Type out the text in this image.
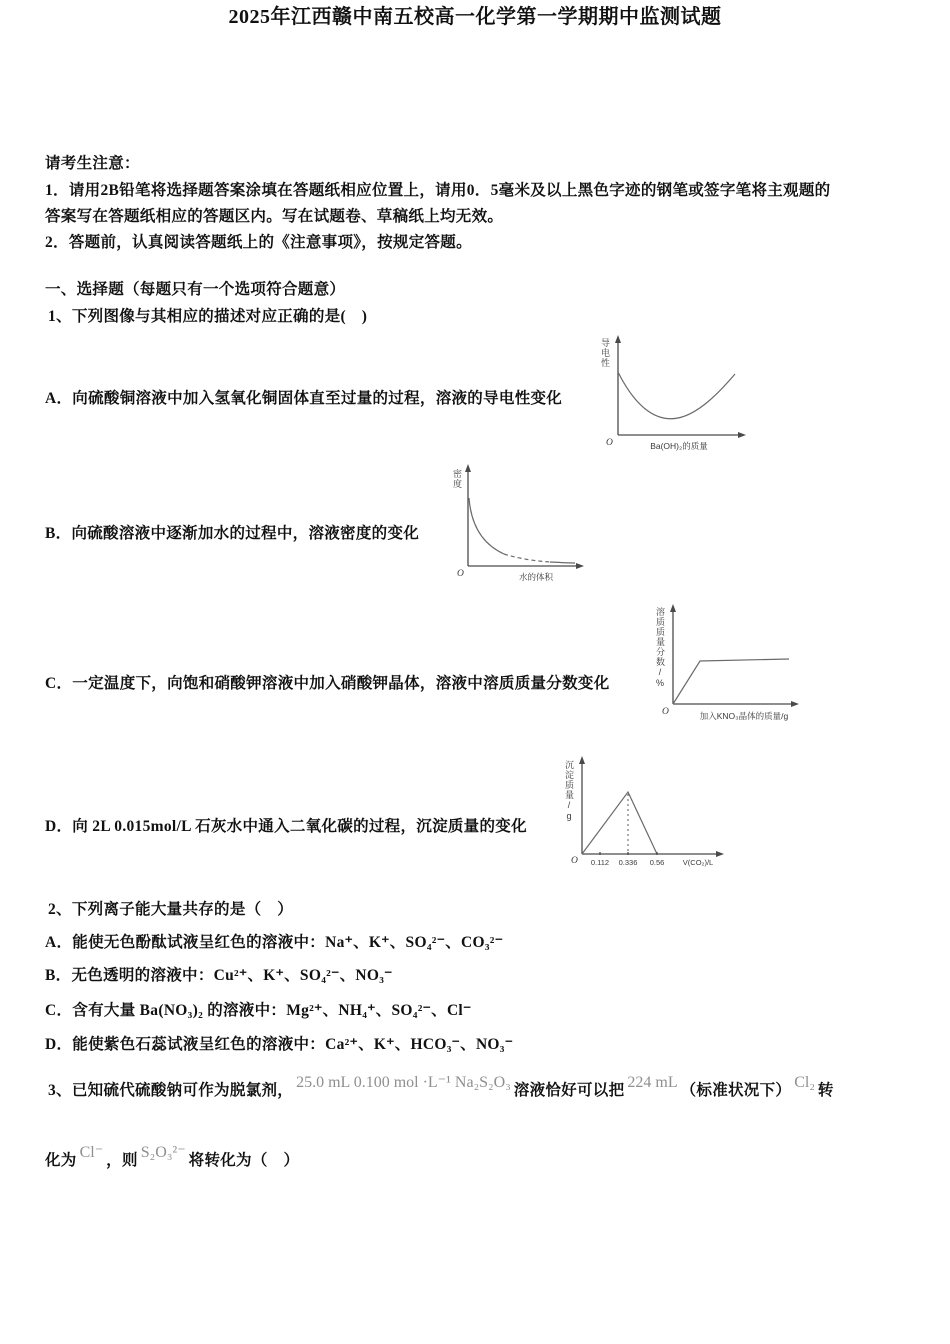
2025年江西赣中南五校高一化学第一学期期中监测试题
请考生注意：
1．请用2B铅笔将选择题答案涂填在答题纸相应位置上，请用0．5毫米及以上黑色字迹的钢笔或签字笔将主观题的
答案写在答题纸相应的答题区内。写在试题卷、草稿纸上均无效。
2．答题前，认真阅读答题纸上的《注意事项》，按规定答题。
一、选择题（每题只有一个选项符合题意）
1、下列图像与其相应的描述对应正确的是(　)
A．向硫酸铜溶液中加入氢氧化铜固体直至过量的过程，溶液的导电性变化
B．向硫酸溶液中逐渐加水的过程中，溶液密度的变化
C．一定温度下，向饱和硝酸钾溶液中加入硝酸钾晶体，溶液中溶质质量分数变化
D．向 2L 0.015mol/L 石灰水中通入二氧化碳的过程，沉淀质量的变化
导电性
O	Ba(OH)₂的质量
密度
O	水的体积
溶质质量分数/%
O	加入KNO₃晶体的质量/g
沉淀质量/g
O 0.112 0.336 0.56 V(CO₂)/L
2、下列离子能大量共存的是（　）
A．能使无色酚酞试液呈红色的溶液中：Na⁺、K⁺、SO₄²⁻、CO₃²⁻
B．无色透明的溶液中：Cu²⁺、K⁺、SO₄²⁻、NO₃⁻
C．含有大量 Ba(NO₃)₂ 的溶液中：Mg²⁺、NH₄⁺、SO₄²⁻、Cl⁻
D．能使紫色石蕊试液呈红色的溶液中：Ca²⁺、K⁺、HCO₃⁻、NO₃⁻
3、已知硫代硫酸钠可作为脱氯剂， 25.0 mL 0.100 mol ·L⁻¹ Na₂S₂O₃ 溶液恰好可以把 224 mL （标准状况下） Cl₂ 转
化为 Cl⁻ ，则 S₂O₃²⁻ 将转化为（　）
